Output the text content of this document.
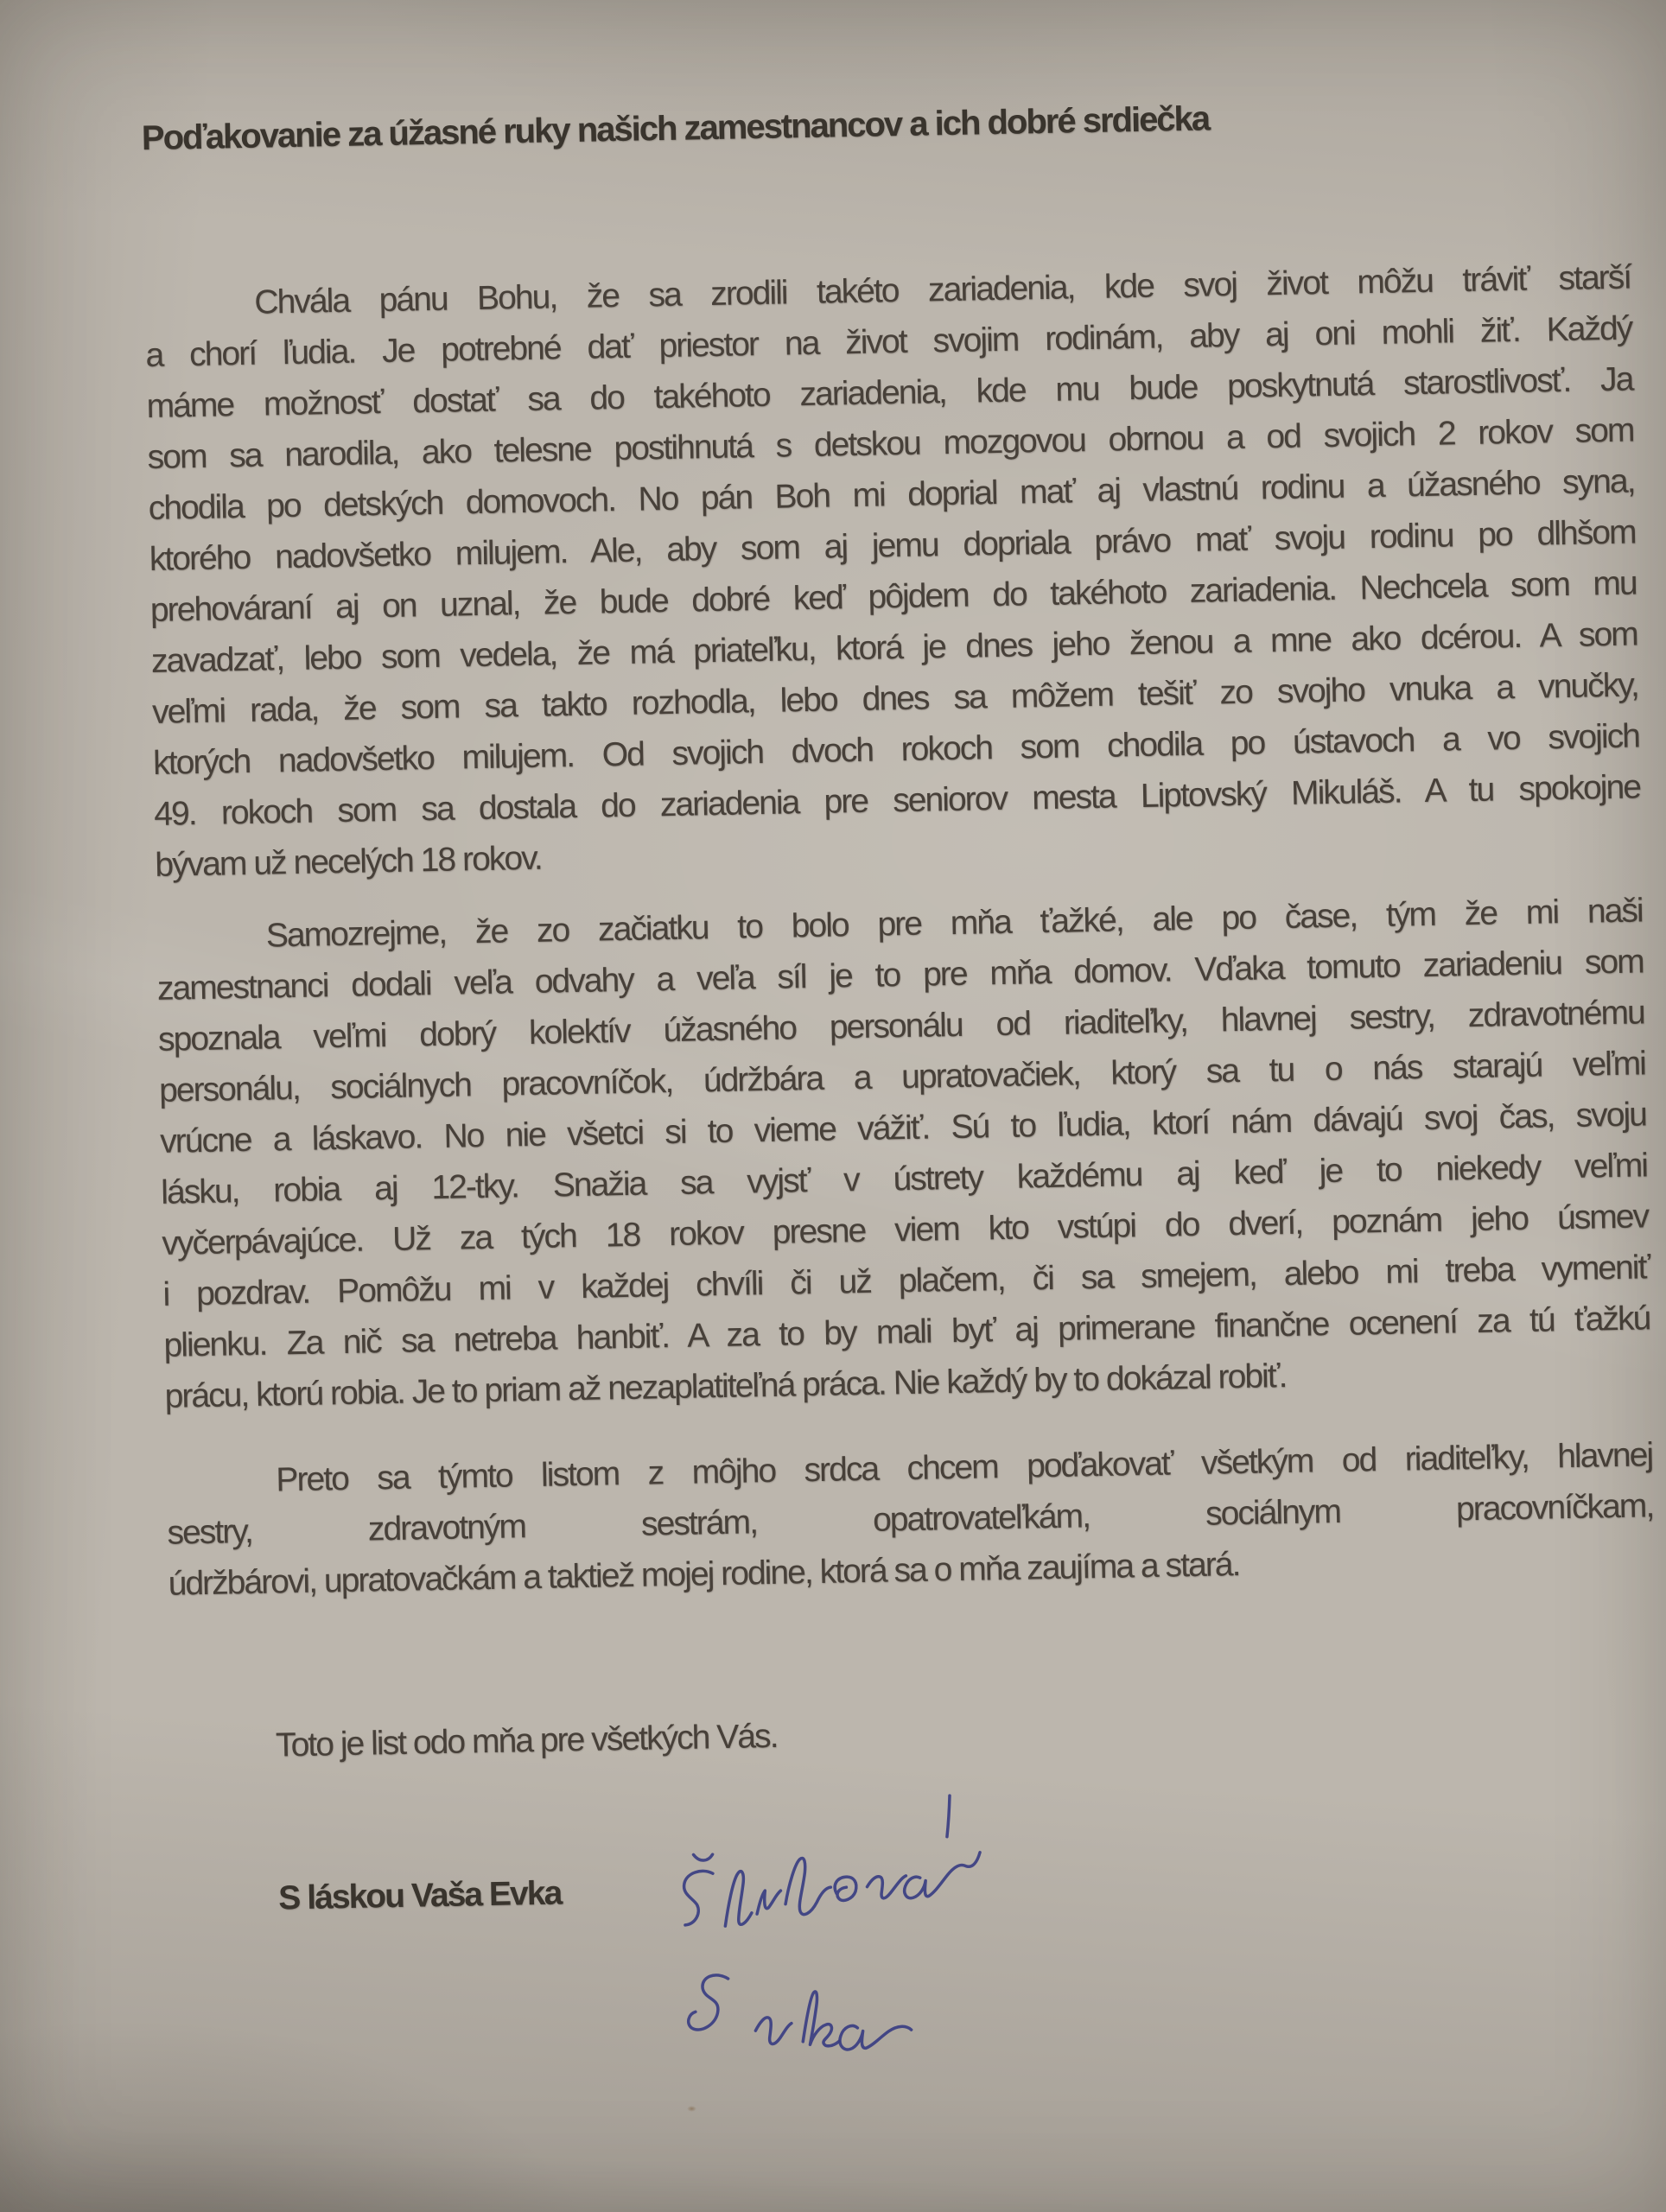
Poďakovanie za úžasné ruky našich zamestnancov a ich dobré srdiečka
Chvála pánu Bohu, že sa zrodili takéto zariadenia, kde svoj život môžu tráviť starší
a chorí ľudia. Je potrebné dať priestor na život svojim rodinám, aby aj oni mohli žiť. Každý
máme možnosť dostať sa do takéhoto zariadenia, kde mu bude poskytnutá starostlivosť. Ja
som sa narodila, ako telesne postihnutá s detskou mozgovou obrnou a od svojich 2 rokov som
chodila po detských domovoch. No pán Boh mi doprial mať aj vlastnú rodinu a úžasného syna,
ktorého nadovšetko milujem. Ale, aby som aj jemu dopriala právo mať svoju rodinu po dlhšom
prehováraní aj on uznal, že bude dobré keď pôjdem do takéhoto zariadenia. Nechcela som mu
zavadzať, lebo som vedela, že má priateľku, ktorá je dnes jeho ženou a mne ako dcérou. A som
veľmi rada, že som sa takto rozhodla, lebo dnes sa môžem tešiť zo svojho vnuka a vnučky,
ktorých nadovšetko milujem. Od svojich dvoch rokoch som chodila po ústavoch a vo svojich
49. rokoch som sa dostala do zariadenia pre seniorov mesta Liptovský Mikuláš. A tu spokojne
bývam už necelých 18 rokov.
Samozrejme, že zo začiatku to bolo pre mňa ťažké, ale po čase, tým že mi naši
zamestnanci dodali veľa odvahy a veľa síl je to pre mňa domov. Vďaka tomuto zariadeniu som
spoznala veľmi dobrý kolektív úžasného personálu od riaditeľky, hlavnej sestry, zdravotnému
personálu, sociálnych pracovníčok, údržbára a upratovačiek, ktorý sa tu o nás starajú veľmi
vrúcne a láskavo. No nie všetci si to vieme vážiť. Sú to ľudia, ktorí nám dávajú svoj čas, svoju
lásku, robia aj 12-tky. Snažia sa vyjsť v ústrety každému aj keď je to niekedy veľmi
vyčerpávajúce. Už za tých 18 rokov presne viem kto vstúpi do dverí, poznám jeho úsmev
i pozdrav. Pomôžu mi v každej chvíli či už plačem, či sa smejem, alebo mi treba vymeniť
plienku. Za nič sa netreba hanbiť. A za to by mali byť aj primerane finančne ocenení za tú ťažkú
prácu, ktorú robia. Je to priam až nezaplatiteľná práca. Nie každý by to dokázal robiť.
Preto sa týmto listom z môjho srdca chcem poďakovať všetkým od riaditeľky, hlavnej
sestry, zdravotným sestrám, opatrovateľkám, sociálnym pracovníčkam,
údržbárovi, upratovačkám a taktiež mojej rodine, ktorá sa o mňa zaujíma a stará.
Toto je list odo mňa pre všetkých Vás.
S láskou Vaša Evka
